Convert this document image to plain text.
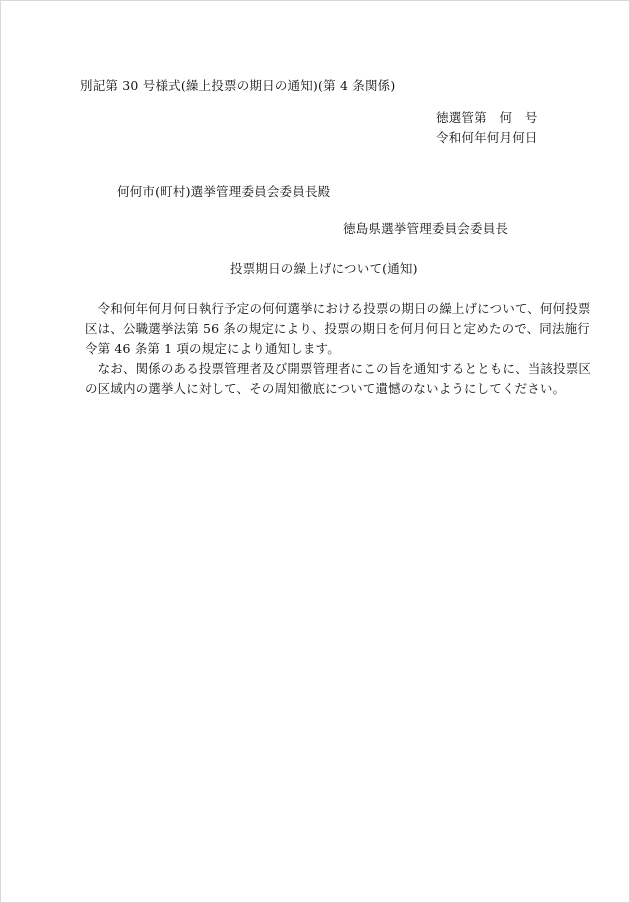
別記第 30 号様式(繰上投票の期日の通知)(第 4 条関係)
徳選管第　何　号
令和何年何月何日
何何市(町村)選挙管理委員会委員長殿
徳島県選挙管理委員会委員長
投票期日の繰上げについて(通知)
　令和何年何月何日執行予定の何何選挙における投票の期日の繰上げについて、何何投票
区は、公職選挙法第 56 条の規定により、投票の期日を何月何日と定めたので、同法施行
令第 46 条第 1 項の規定により通知します。
　なお、関係のある投票管理者及び開票管理者にこの旨を通知するとともに、当該投票区
の区域内の選挙人に対して、その周知徹底について遺憾のないようにしてください。
